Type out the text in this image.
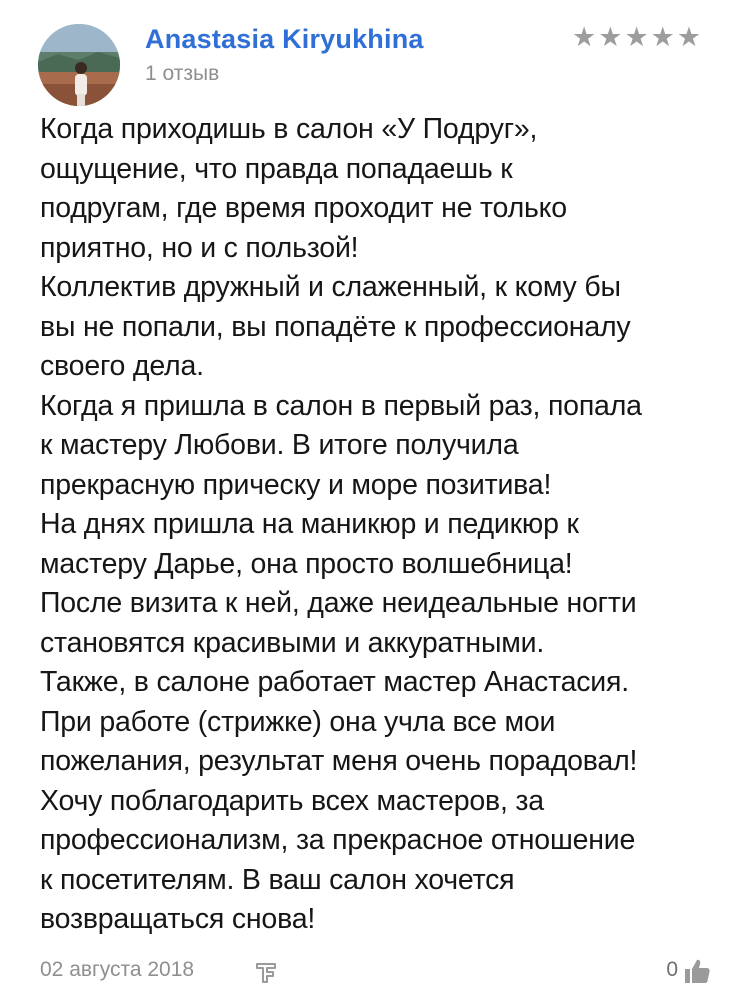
Anastasia Kiryukhina
1 отзыв
★ ★ ★ ★ ★
Когда приходишь в салон «У Подруг»,
ощущение, что правда попадаешь к
подругам, где время проходит не только
приятно, но и с пользой!
Коллектив дружный и слаженный, к кому бы
вы не попали, вы попадёте к профессионалу
своего дела.
Когда я пришла в салон в первый раз, попала
к мастеру Любови. В итоге получила
прекрасную прическу и море позитива!
На днях пришла на маникюр и педикюр к
мастеру Дарье, она просто волшебница!
После визита к ней, даже неидеальные ногти
становятся красивыми и аккуратными.
Также, в салоне работает мастер Анастасия.
При работе (стрижке) она учла все мои
пожелания, результат меня очень порадовал!
Хочу поблагодарить всех мастеров, за
профессионализм, за прекрасное отношение
к посетителям. В ваш салон хочется
возвращаться снова!
02 августа 2018	0
